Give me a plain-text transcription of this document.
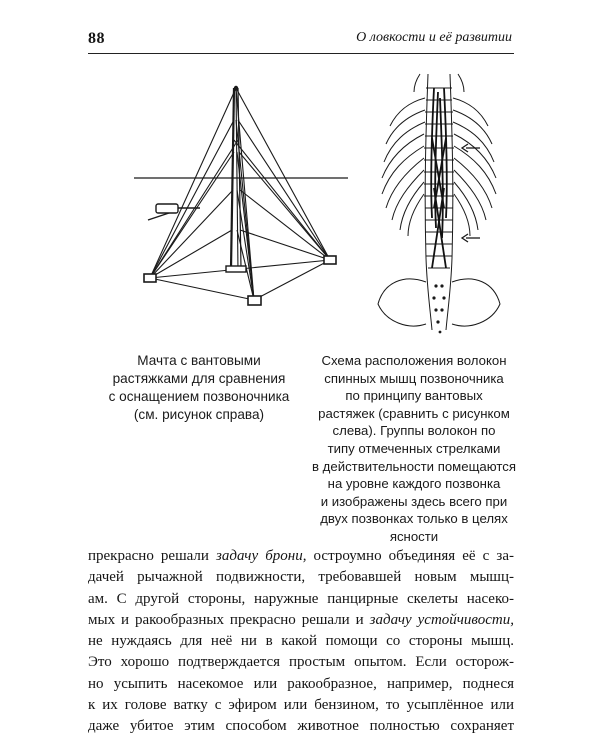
88	О ловкости и её развитии
Мачта с вантовыми
растяжками для сравнения
с оснащением позвоночника
(см. рисунок справа)
Схема расположения волокон
спинных мышц позвоночника
по принципу вантовых
растяжек (сравнить с рисунком
слева). Группы волокон по
типу отмеченных стрелками
в действительности помещаются
на уровне каждого позвонка
и изображены здесь всего при
двух позвонках только в целях
ясности
прекрасно решали задачу брони, остроумно объединяя её с за-
дачей рычажной подвижности, требовавшей новым мышц-
ам. С другой стороны, наружные панцирные скелеты насеко-
мых и ракообразных прекрасно решали и задачу устойчивости,
не нуждаясь для неё ни в какой помощи со стороны мышц.
Это хорошо подтверждается простым опытом. Если осторож-
но усыпить насекомое или ракообразное, например, поднеся
к их голове ватку с эфиром или бензином, то усыплённое или
даже убитое этим способом животное полностью сохраняет
